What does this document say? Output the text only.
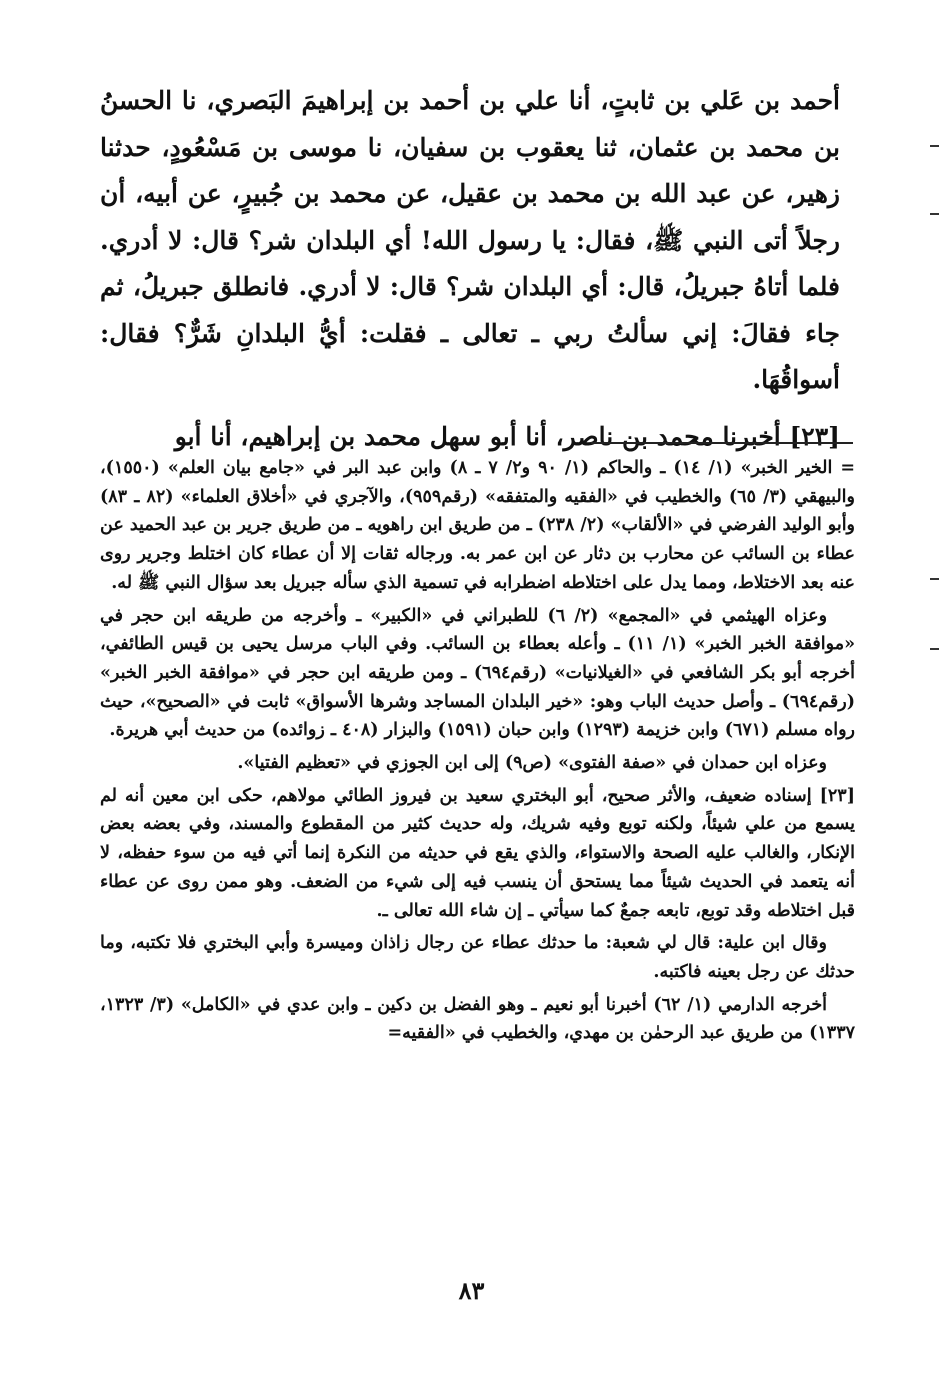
أحمد بن عَلي بن ثابتٍ، أنا علي بن أحمد بن إبراهيمَ البَصري، نا الحسنُ بن محمد بن عثمان، ثنا يعقوب بن سفيان، نا موسى بن مَسْعُودٍ، حدثنا زهير، عن عبد الله بن محمد بن عقيل، عن محمد بن جُبيرٍ، عن أبيه، أن رجلاً أتى النبي ﷺ، فقال: يا رسول الله! أي البلدان شر؟ قال: لا أدري. فلما أتاهُ جبريلُ، قال: أي البلدان شر؟ قال: لا أدري. فانطلق جبريلُ، ثم جاء فقالَ: إني سألتُ ربي ـ تعالى ـ فقلت: أيُّ البلدانِ شَرٌّ؟ فقال: أسواقُهَا.

[٢٣] أخبرنا محمد بن ناصر، أنا أبو سهل محمد بن إبراهيم، أنا أبو

= الخير الخبر» (١/ ١٤) ـ والحاكم (١/ ٩٠ و٢/ ٧ ـ ٨) وابن عبد البر في «جامع بيان العلم» (١٥٥٠)، والبيهقي (٣/ ٦٥) والخطيب في «الفقيه والمتفقه» (رقم٩٥٩)، والآجري في «أخلاق العلماء» (٨٢ ـ ٨٣) وأبو الوليد الفرضي في «الألقاب» (٢/ ٢٣٨) ـ من طريق ابن راهويه ـ من طريق جرير بن عبد الحميد عن عطاء بن السائب عن محارب بن دثار عن ابن عمر به. ورجاله ثقات إلا أن عطاء كان اختلط وجرير روى عنه بعد الاختلاط، ومما يدل على اختلاطه اضطرابه في تسمية الذي سأله جبريل بعد سؤال النبي ﷺ له.

وعزاه الهيثمي في «المجمع» (٢/ ٦) للطبراني في «الكبير» ـ وأخرجه من طريقه ابن حجر في «موافقة الخبر الخبر» (١/ ١١) ـ وأعله بعطاء بن السائب. وفي الباب مرسل يحيى بن قيس الطائفي، أخرجه أبو بكر الشافعي في «الغيلانيات» (رقم٦٩٤) ـ ومن طريقه ابن حجر في «موافقة الخبر الخبر» (رقم٦٩٤) ـ وأصل حديث الباب وهو: «خير البلدان المساجد وشرها الأسواق» ثابت في «الصحيح»، حيث رواه مسلم (٦٧١) وابن خزيمة (١٢٩٣) وابن حبان (١٥٩١) والبزار (٤٠٨ ـ زوائده) من حديث أبي هريرة.

وعزاه ابن حمدان في «صفة الفتوى» (ص٩) إلى ابن الجوزي في «تعظيم الفتيا».

[٢٣] إسناده ضعيف، والأثر صحيح، أبو البختري سعيد بن فيروز الطائي مولاهم، حكى ابن معين أنه لم يسمع من علي شيئاً، ولكنه توبع وفيه شريك، وله حديث كثير من المقطوع والمسند، وفي بعضه بعض الإنكار، والغالب عليه الصحة والاستواء، والذي يقع في حديثه من النكرة إنما أتي فيه من سوء حفظه، لا أنه يتعمد في الحديث شيئاً مما يستحق أن ينسب فيه إلى شيء من الضعف. وهو ممن روى عن عطاء قبل اختلاطه وقد توبع، تابعه جمعٌ كما سيأتي ـ إن شاء الله تعالى ـ.

وقال ابن علية: قال لي شعبة: ما حدثك عطاء عن رجال زاذان وميسرة وأبي البختري فلا تكتبه، وما حدثك عن رجل بعينه فاكتبه.

أخرجه الدارمي (١/ ٦٢) أخبرنا أبو نعيم ـ وهو الفضل بن دكين ـ وابن عدي في «الكامل» (٣/ ١٣٢٣، ١٣٣٧) من طريق عبد الرحمٰن بن مهدي، والخطيب في «الفقيه=

٨٣
